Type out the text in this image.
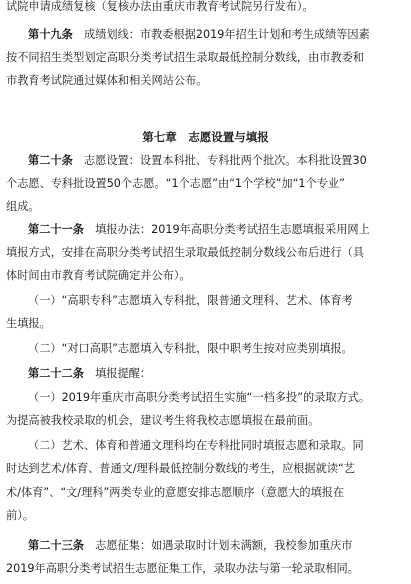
试院申请成绩复核（复核办法由重庆市教育考试院另行发布）。
第十九条　 成绩划线：市教委根据2019年招生计划和考生成绩等因素
按不同招生类型划定高职分类考试招生录取最低控制分数线，由市教委和
市教育考试院通过媒体和相关网站公布。
第七章　志愿设置与填报
第二十条　 志愿设置：设置本科批、专科批两个批次。本科批设置30
个志愿、专科批设置50个志愿。“1个志愿”由“1个学校”加“1个专业”
组成。
第二十一条　 填报办法：2019年高职分类考试招生志愿填报采用网上
填报方式，安排在高职分类考试招生录取最低控制分数线公布后进行（具
体时间由市教育考试院确定并公布）。
（一）“高职专科”志愿填入专科批，限普通文理科、艺术、体育考
生填报。
（二）“对口高职”志愿填入专科批，限中职考生按对应类别填报。
第二十二条　 填报提醒：
（一）2019年重庆市高职分类考试招生实施“一档多投”的录取方式。
为提高被我校录取的机会，建议考生将我校志愿填报在最前面。
（二）艺术、体育和普通文理科均在专科批同时填报志愿和录取。同
时达到艺术/体育、普通文/理科最低控制分数线的考生，应根据就读“艺
术/体育”、“文/理科”两类专业的意愿安排志愿顺序（意愿大的填报在
前）。
第二十三条　 志愿征集：如遇录取时计划未满额，我校参加重庆市
2019年高职分类考试招生志愿征集工作，录取办法与第一轮录取相同。
